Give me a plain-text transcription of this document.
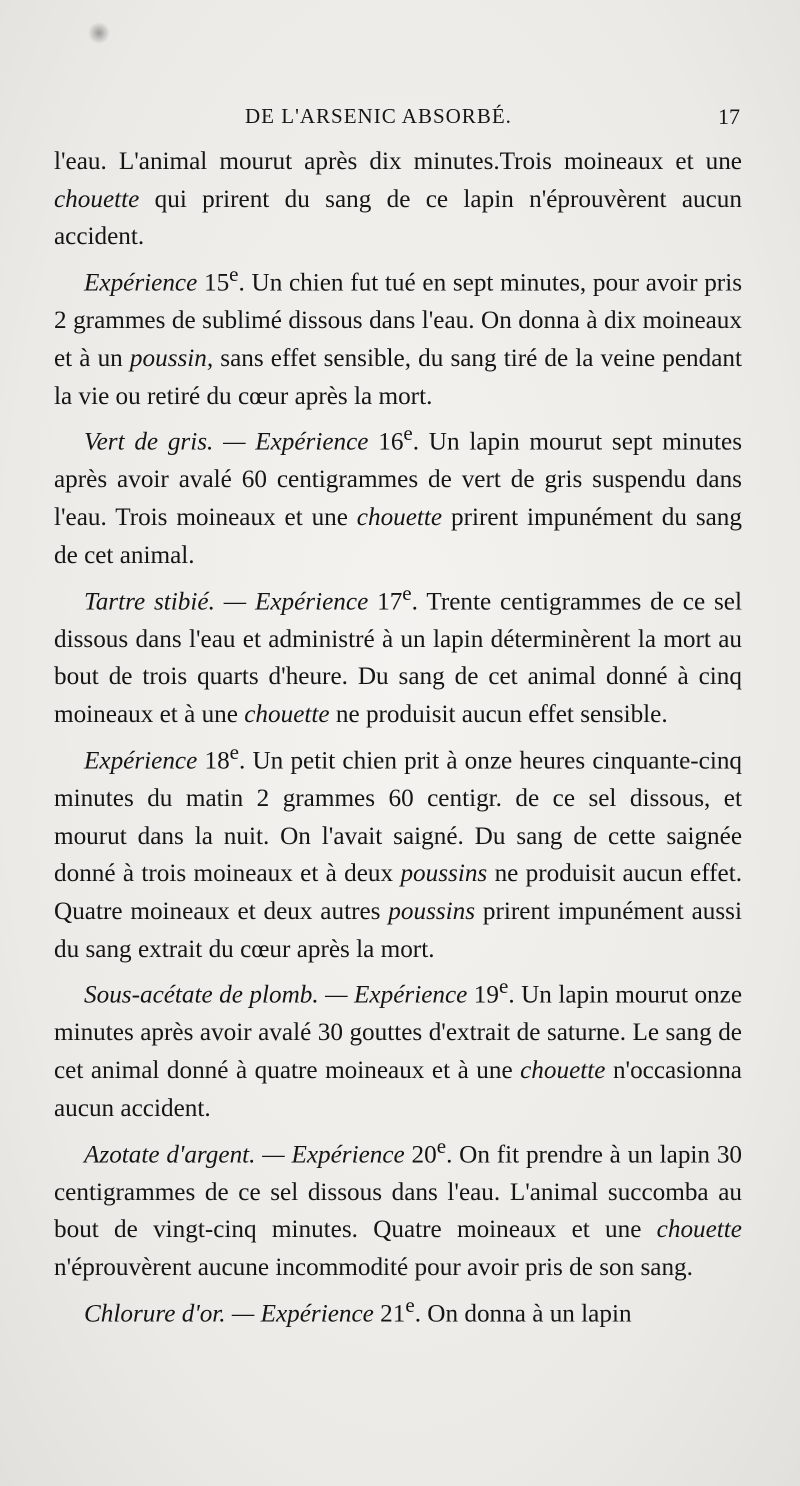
DE L'ARSENIC ABSORBÉ.	17

l'eau. L'animal mourut après dix minutes.Trois moineaux et une chouette qui prirent du sang de ce lapin n'éprouvèrent aucun accident.

Expérience 15e. Un chien fut tué en sept minutes, pour avoir pris 2 grammes de sublimé dissous dans l'eau. On donna à dix moineaux et à un poussin, sans effet sensible, du sang tiré de la veine pendant la vie ou retiré du cœur après la mort.

Vert de gris. — Expérience 16e. Un lapin mourut sept minutes après avoir avalé 60 centigrammes de vert de gris suspendu dans l'eau. Trois moineaux et une chouette prirent impunément du sang de cet animal.

Tartre stibié. — Expérience 17e. Trente centigrammes de ce sel dissous dans l'eau et administré à un lapin déterminèrent la mort au bout de trois quarts d'heure. Du sang de cet animal donné à cinq moineaux et à une chouette ne produisit aucun effet sensible.

Expérience 18e. Un petit chien prit à onze heures cinquante-cinq minutes du matin 2 grammes 60 centigr. de ce sel dissous, et mourut dans la nuit. On l'avait saigné. Du sang de cette saignée donné à trois moineaux et à deux poussins ne produisit aucun effet. Quatre moineaux et deux autres poussins prirent impunément aussi du sang extrait du cœur après la mort.

Sous-acétate de plomb. — Expérience 19e. Un lapin mourut onze minutes après avoir avalé 30 gouttes d'extrait de saturne. Le sang de cet animal donné à quatre moineaux et à une chouette n'occasionna aucun accident.

Azotate d'argent. — Expérience 20e. On fit prendre à un lapin 30 centigrammes de ce sel dissous dans l'eau. L'animal succomba au bout de vingt-cinq minutes. Quatre moineaux et une chouette n'éprouvèrent aucune incommodité pour avoir pris de son sang.

Chlorure d'or. — Expérience 21e. On donna à un lapin
